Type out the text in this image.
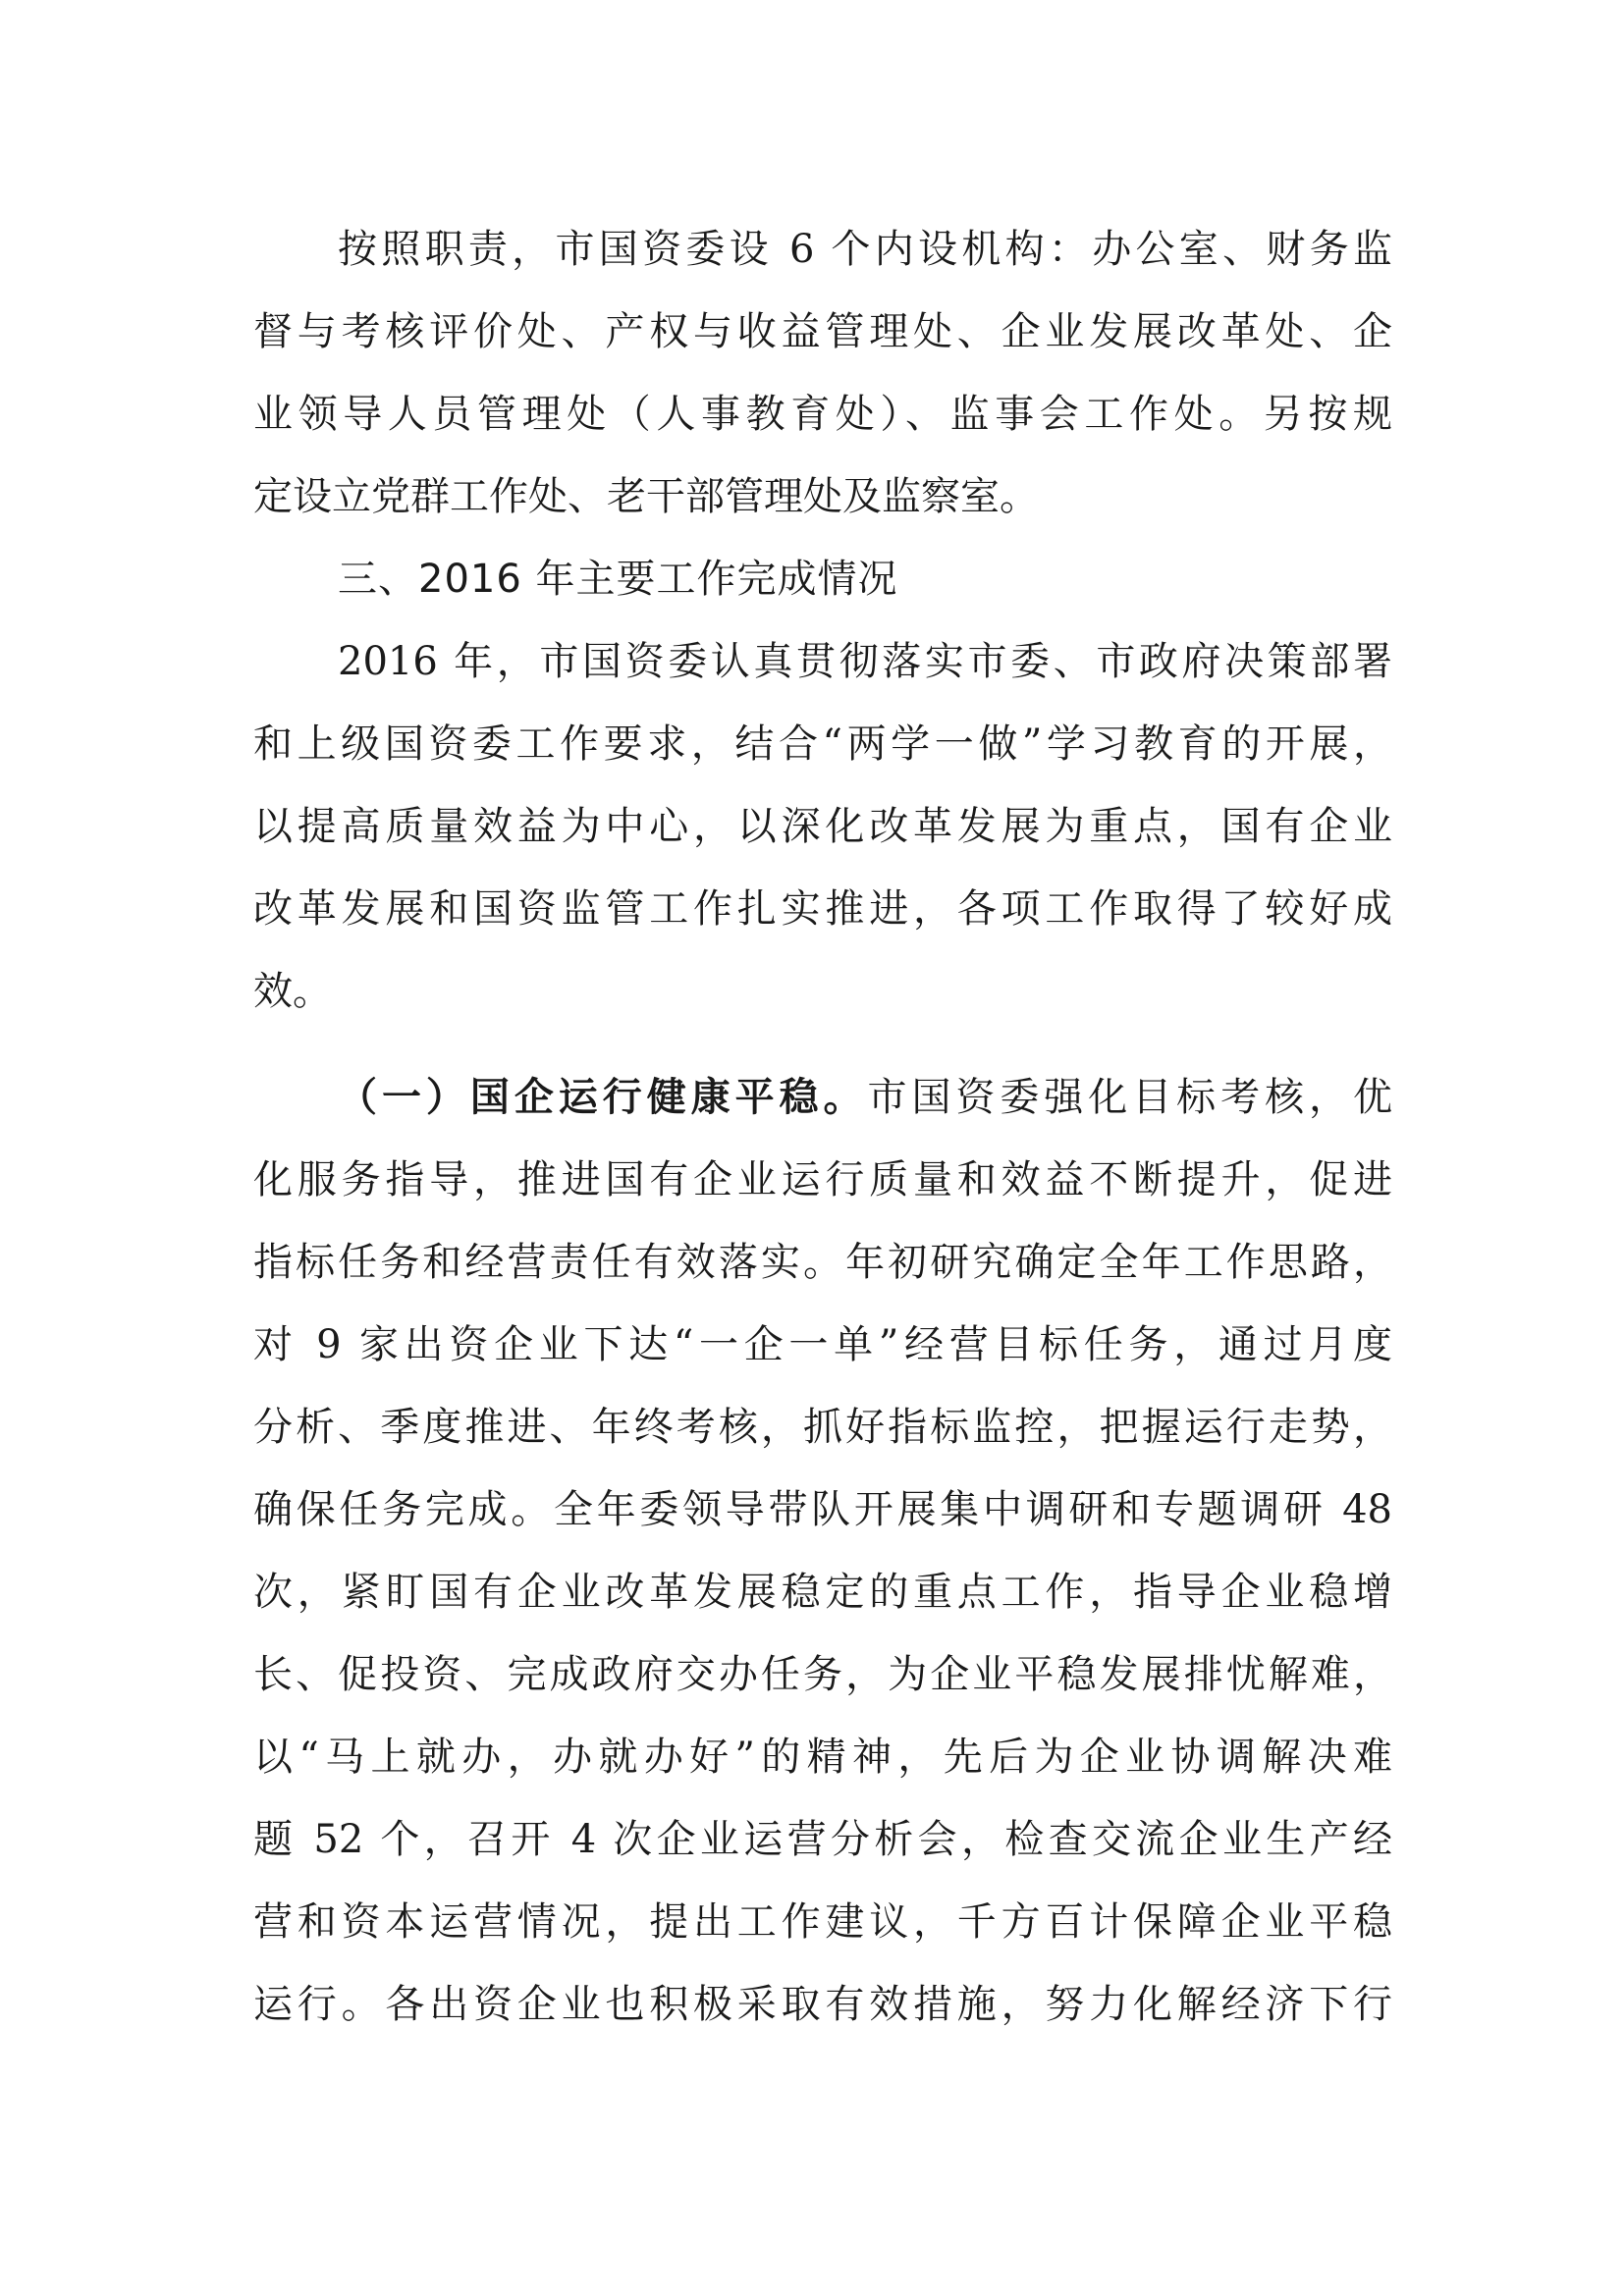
按照职责，市国资委设 6 个内设机构：办公室、财务监
督与考核评价处、产权与收益管理处、企业发展改革处、企
业领导人员管理处（人事教育处）、监事会工作处。另按规
定设立党群工作处、老干部管理处及监察室。
三、2016 年主要工作完成情况
2016 年，市国资委认真贯彻落实市委、市政府决策部署
和上级国资委工作要求，结合“两学一做”学习教育的开展，
以提高质量效益为中心，以深化改革发展为重点，国有企业
改革发展和国资监管工作扎实推进，各项工作取得了较好成
效。
（一）国企运行健康平稳。市国资委强化目标考核，优
化服务指导，推进国有企业运行质量和效益不断提升，促进
指标任务和经营责任有效落实。年初研究确定全年工作思路，
对 9 家出资企业下达“一企一单”经营目标任务，通过月度
分析、季度推进、年终考核，抓好指标监控，把握运行走势，
确保任务完成。全年委领导带队开展集中调研和专题调研 48
次，紧盯国有企业改革发展稳定的重点工作，指导企业稳增
长、促投资、完成政府交办任务，为企业平稳发展排忧解难，
以“马上就办，办就办好”的精神，先后为企业协调解决难
题 52 个，召开 4 次企业运营分析会，检查交流企业生产经
营和资本运营情况，提出工作建议，千方百计保障企业平稳
运行。各出资企业也积极采取有效措施，努力化解经济下行
